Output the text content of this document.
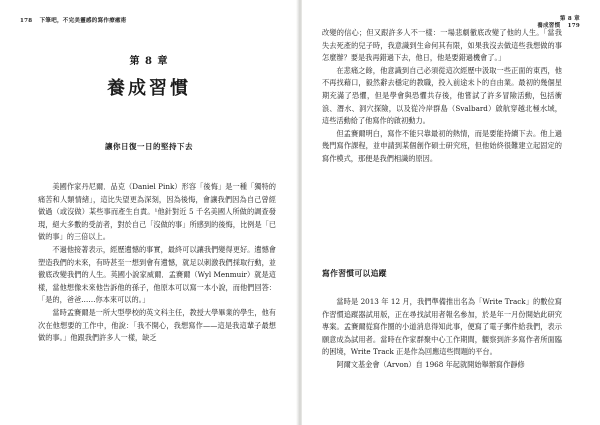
178 下筆吧，不完美靈感的寫作療癒術
第 8 章
養成習慣
讓你日復一日的堅持下去

美國作家丹尼爾．品克（Daniel Pink）形容「後悔」是一種「獨特的痛苦和人類情緒」，這比失望更為深刻，因為後悔，會讓我們因為自己曾經做過（或沒做）某些事而產生自責。¹他針對近 5 千名美國人所做的調查發現，絕大多數的受訪者，對於自己「沒做的事」所感到的後悔，比例是「已做的事」的三倍以上。

不過他接著表示，經歷遺憾的事實，最終可以讓我們變得更好。遺憾會塑造我們的未來，有時甚至一想到會有遺憾，就足以刺激我們採取行動，並徹底改變我們的人生。英國小說家威爾．孟賽爾（Wyl Menmuir）就是這樣，當他想像未來他告訴他的孫子，他原本可以寫一本小說，而他們回答：「是的，爸爸……你本來可以的。」

當時孟賽爾是一所大型學校的英文科主任，教授大學畢業的學生，他有次在他想要的工作中，他說：「我不開心，我想寫作——這是我這輩子最想做的事。」他跟我們許多人一樣，缺乏

第 8 章
養成習慣 179

改變的信心；但又跟許多人不一樣：一場悲劇徹底改變了他的人生。「當我失去死產的兒子時，我意識到生命何其有限，如果我沒去做這些我想做的事怎麼辦？要是我再錯過下去，他日，他是要錯過機會了。」

在悲痛之餘，他意識到自己必須從這次經歷中汲取一些正面的東西，他不再找藉口，毅然辭去穩定的教職，投入前途未卜的自由業。最初的幾個星期充滿了恐懼，但是學會與恐懼共存後，他嘗試了許多冒險活動，包括衝浪、潛水、洞穴探險，以及從冷岸群島（Svalbard）啟航穿越北極水域，這些活動給了他寫作的啟初動力。

但孟賽爾明白，寫作不能只靠最初的熱情，而是要能持續下去。他上過幾門寫作課程，並申請到某個創作碩士研究班，但他始終很難建立起固定的寫作模式，那便是我們相識的原因。

寫作習慣可以追蹤

當時是 2013 年 12 月，我們準備推出名為「Write Track」的數位寫作習慣追蹤器試用版，正在尋找試用者報名參加，於是年一月份開始此研究專案。孟賽爾從寫作圈的小道消息得知此事，便寫了電子郵件給我們，表示願意成為試用者。當時在作家群聚中心工作期間，觀察到許多寫作者所面臨的困境，Write Track 正是作為回應這些問題的平台。

阿爾文基金會（Arvon）自 1968 年起就開始舉辦寫作靜修
